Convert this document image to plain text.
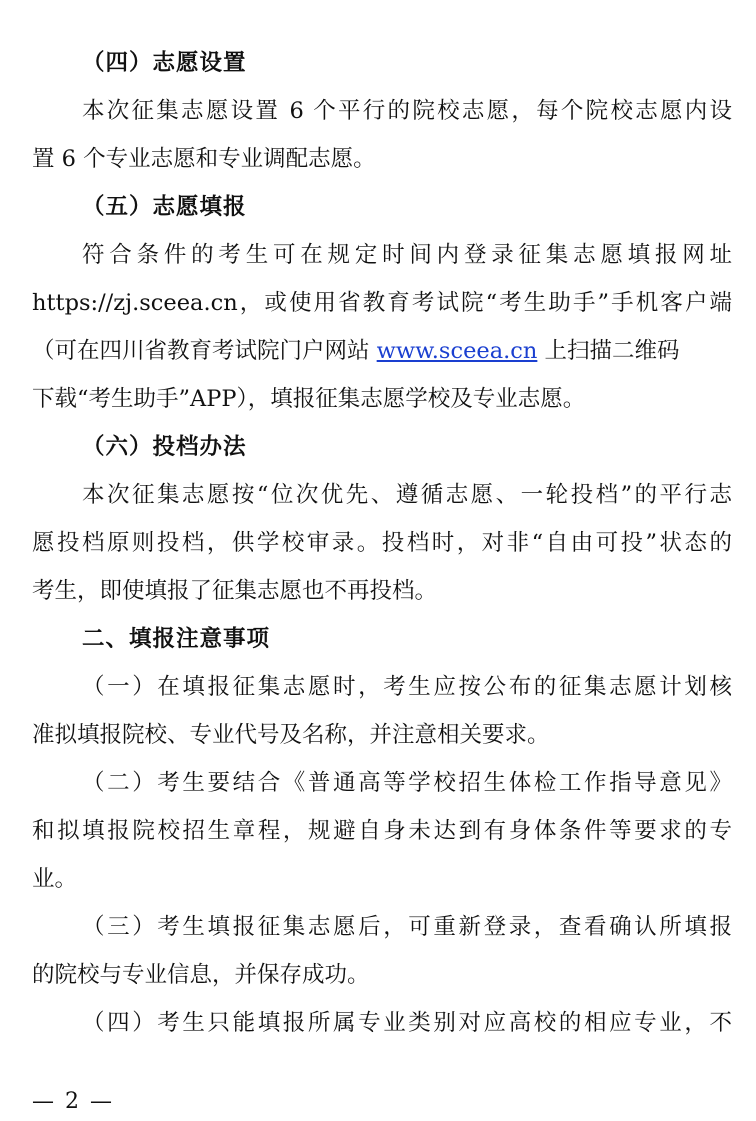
（四）志愿设置
本次征集志愿设置 6 个平行的院校志愿，每个院校志愿内设
置 6 个专业志愿和专业调配志愿。
（五）志愿填报
符合条件的考生可在规定时间内登录征集志愿填报网址
https://zj.sceea.cn，或使用省教育考试院“考生助手”手机客户端
（可在四川省教育考试院门户网站 www.sceea.cn 上扫描二维码
下载“考生助手”APP），填报征集志愿学校及专业志愿。
（六）投档办法
本次征集志愿按“位次优先、遵循志愿、一轮投档”的平行志
愿投档原则投档，供学校审录。投档时，对非“自由可投”状态的
考生，即使填报了征集志愿也不再投档。
二、填报注意事项
（一）在填报征集志愿时，考生应按公布的征集志愿计划核
准拟填报院校、专业代号及名称，并注意相关要求。
（二）考生要结合《普通高等学校招生体检工作指导意见》
和拟填报院校招生章程，规避自身未达到有身体条件等要求的专
业。
（三）考生填报征集志愿后，可重新登录，查看确认所填报
的院校与专业信息，并保存成功。
（四）考生只能填报所属专业类别对应高校的相应专业，不
— 2 —
